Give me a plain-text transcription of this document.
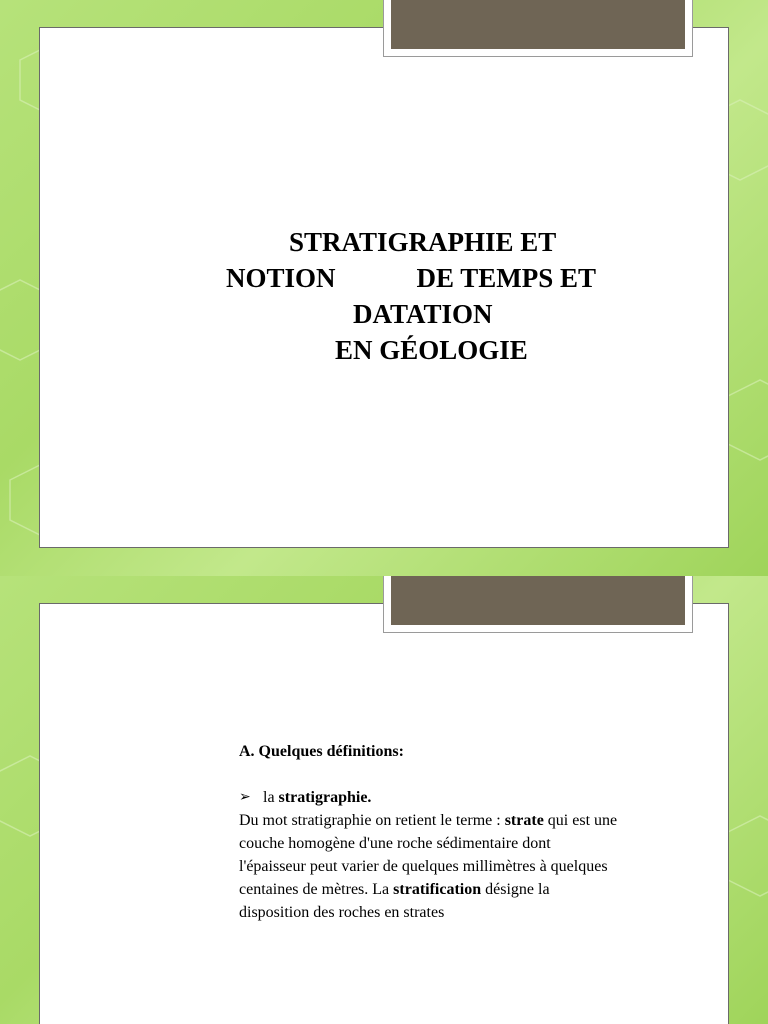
STRATIGRAPHIE ET
NOTION            DE TEMPS ET
DATATION
EN GÉOLOGIE
A. Quelques définitions:
➢ la stratigraphie.

Du mot stratigraphie on retient le terme : strate qui est une couche homogène d'une roche sédimentaire dont l'épaisseur peut varier de quelques millimètres à quelques centaines de mètres. La stratification désigne la disposition des roches en strates
